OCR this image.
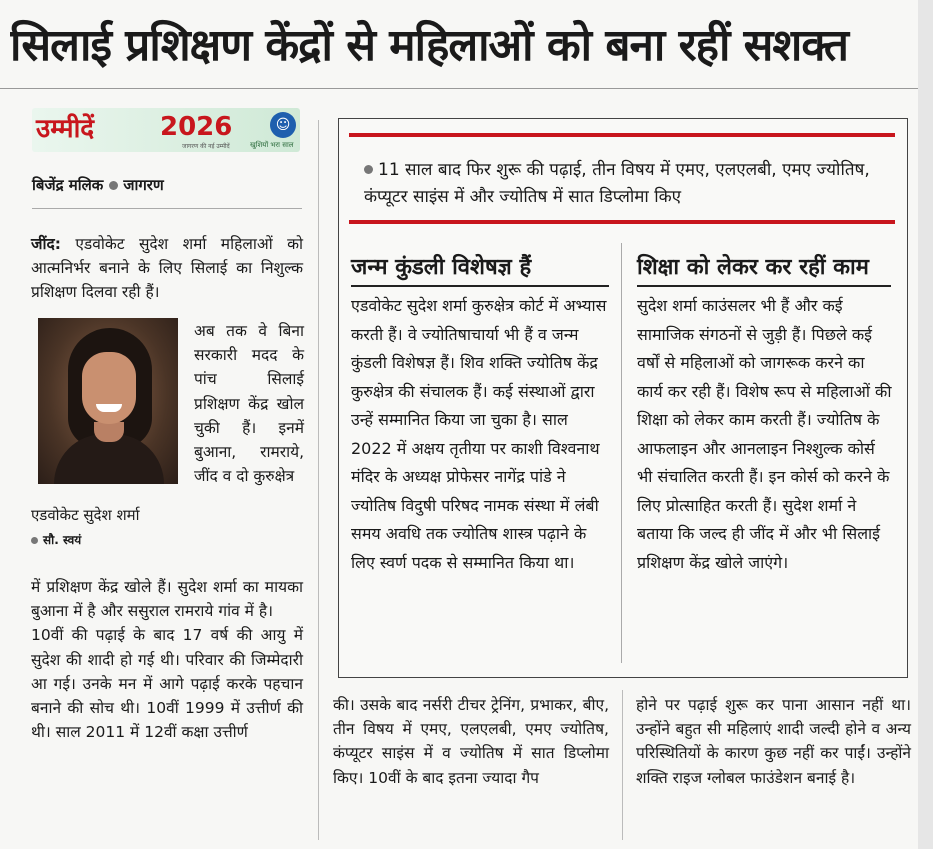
सिलाई प्रशिक्षण केंद्रों से महिलाओं को बना रहीं सशक्त
उम्मीदें	2026	☺
जागरण की नई उम्मीदें	खुशियों भरा साल
बिजेंद्र मलिक जागरण

जींद: एडवोकेट सुदेश शर्मा महिलाओं को आत्मनिर्भर बनाने के लिए सिलाई का निशुल्क प्रशिक्षण दिलवा रही हैं।

अब तक वे बिना सरकारी मदद के पांच सिलाई प्रशिक्षण केंद्र खोल चुकी हैं। इनमें बुआना, रामराये, जींद व दो कुरुक्षेत्र

एडवोकेट सुदेश शर्मा
सौ. स्वयं

में प्रशिक्षण केंद्र खोले हैं। सुदेश शर्मा का मायका बुआना में है और ससुराल रामराये गांव में है।

10वीं की पढ़ाई के बाद 17 वर्ष की आयु में सुदेश की शादी हो गई थी। परिवार की जिम्मेदारी आ गई। उनके मन में आगे पढ़ाई करके पहचान बनाने की सोच थी। 10वीं 1999 में उत्तीर्ण की थी। साल 2011 में 12वीं कक्षा उत्तीर्ण

11 साल बाद फिर शुरू की पढ़ाई, तीन विषय में एमए, एलएलबी, एमए ज्योतिष, कंप्यूटर साइंस में और ज्योतिष में सात डिप्लोमा किए
जन्म कुंडली विशेषज्ञ हैं

एडवोकेट सुदेश शर्मा कुरुक्षेत्र कोर्ट में अभ्यास करती हैं। वे ज्योतिषाचार्या भी हैं व जन्म कुंडली विशेषज्ञ हैं। शिव शक्ति ज्योतिष केंद्र कुरुक्षेत्र की संचालक हैं। कई संस्थाओं द्वारा उन्हें सम्मानित किया जा चुका है। साल 2022 में अक्षय तृतीया पर काशी विश्वनाथ मंदिर के अध्यक्ष प्रोफेसर नागेंद्र पांडे ने ज्योतिष विदुषी परिषद नामक संस्था में लंबी समय अवधि तक ज्योतिष शास्त्र पढ़ाने के लिए स्वर्ण पदक से सम्मानित किया था।

शिक्षा को लेकर कर रहीं काम

सुदेश शर्मा काउंसलर भी हैं और कई सामाजिक संगठनों से जुड़ी हैं। पिछले कई वर्षों से महिलाओं को जागरूक करने का कार्य कर रही हैं। विशेष रूप से महिलाओं की शिक्षा को लेकर काम करती हैं। ज्योतिष के आफलाइन और आनलाइन निश्शुल्क कोर्स भी संचालित करती हैं। इन कोर्स को करने के लिए प्रोत्साहित करती हैं। सुदेश शर्मा ने बताया कि जल्द ही जींद में और भी सिलाई प्रशिक्षण केंद्र खोले जाएंगे।

की। उसके बाद नर्सरी टीचर ट्रेनिंग, प्रभाकर, बीए, तीन विषय में एमए, एलएलबी, एमए ज्योतिष, कंप्यूटर साइंस में व ज्योतिष में सात डिप्लोमा किए। 10वीं के बाद इतना ज्यादा गैप

होने पर पढ़ाई शुरू कर पाना आसान नहीं था। उन्होंने बहुत सी महिलाएं शादी जल्दी होने व अन्य परिस्थितियों के कारण कुछ नहीं कर पाईं। उन्होंने शक्ति राइज ग्लोबल फाउंडेशन बनाई है।
